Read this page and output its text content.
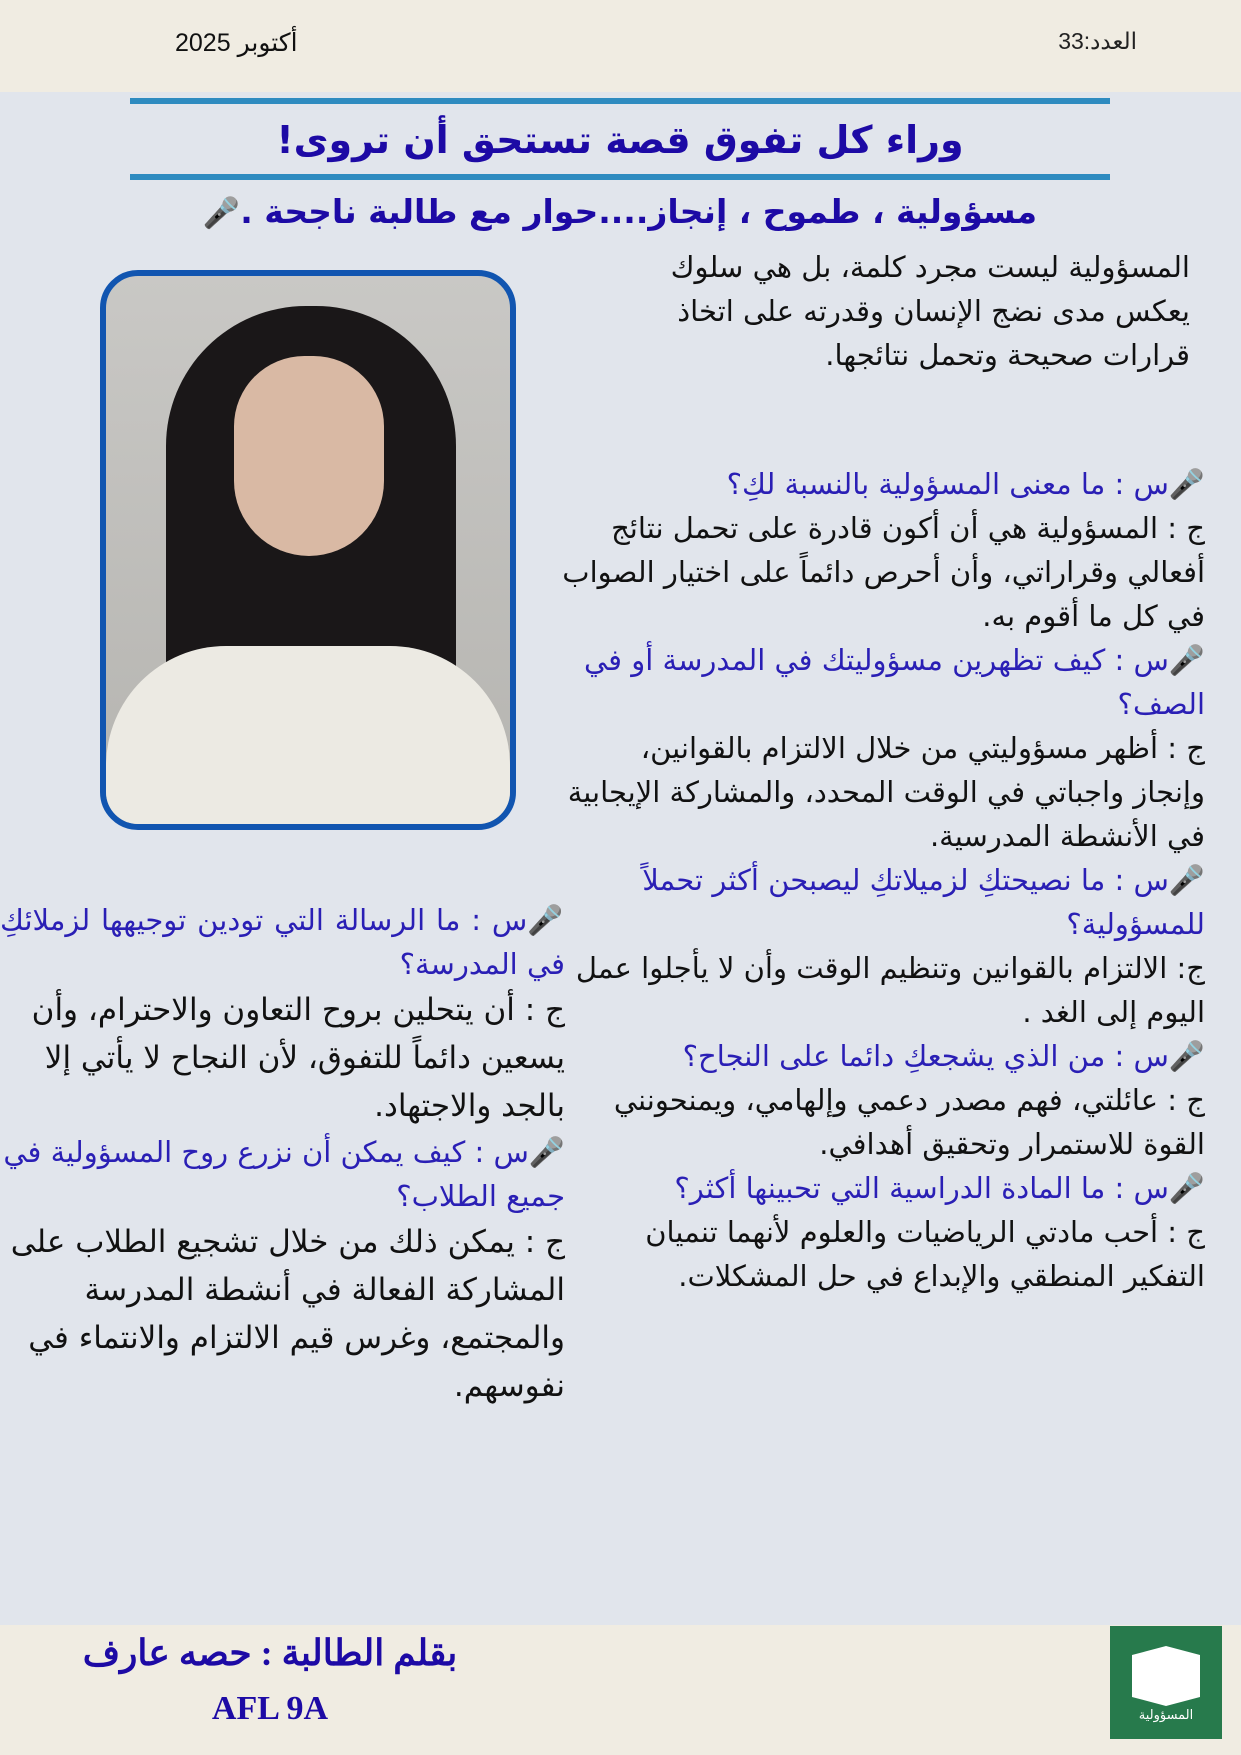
أكتوبر 2025	العدد:33
وراء كل تفوق قصة تستحق أن تروى!
مسؤولية ، طموح ، إنجاز....حوار مع طالبة ناجحة .🎤
المسؤولية ليست مجرد كلمة، بل هي سلوك يعكس مدى نضج الإنسان وقدرته على اتخاذ قرارات صحيحة وتحمل نتائجها.

🎤س : ما معنى المسؤولية بالنسبة لكِ؟

ج : المسؤولية هي أن أكون قادرة على تحمل نتائج أفعالي وقراراتي، وأن أحرص دائماً على اختيار الصواب في كل ما أقوم به.

🎤س : كيف تظهرين مسؤوليتك في المدرسة أو في الصف؟

ج : أظهر مسؤوليتي من خلال الالتزام بالقوانين، وإنجاز واجباتي في الوقت المحدد، والمشاركة الإيجابية في الأنشطة المدرسية.

🎤س : ما نصيحتكِ لزميلاتكِ ليصبحن أكثر تحملاً للمسؤولية؟

ج: الالتزام بالقوانين وتنظيم الوقت وأن لا يأجلوا عمل اليوم إلى الغد .

🎤س : من الذي يشجعكِ دائما على النجاح؟

ج : عائلتي، فهم مصدر دعمي وإلهامي، ويمنحونني القوة للاستمرار وتحقيق أهدافي.

🎤س : ما المادة الدراسية التي تحبينها أكثر؟

ج : أحب مادتي الرياضيات والعلوم لأنهما تنميان التفكير المنطقي والإبداع في حل المشكلات.

🎤س : ما الرسالة التي تودين توجيهها لزملائكِ في المدرسة؟

ج : أن يتحلين بروح التعاون والاحترام، وأن يسعين دائماً للتفوق، لأن النجاح لا يأتي إلا بالجد والاجتهاد.

🎤س : كيف يمكن أن نزرع روح المسؤولية في جميع الطلاب؟

ج : يمكن ذلك من خلال تشجيع الطلاب على المشاركة الفعالة في أنشطة المدرسة والمجتمع، وغرس قيم الالتزام والانتماء في نفوسهم.

بقلم الطالبة : حصه عارف
AFL 9A	المسؤولية
